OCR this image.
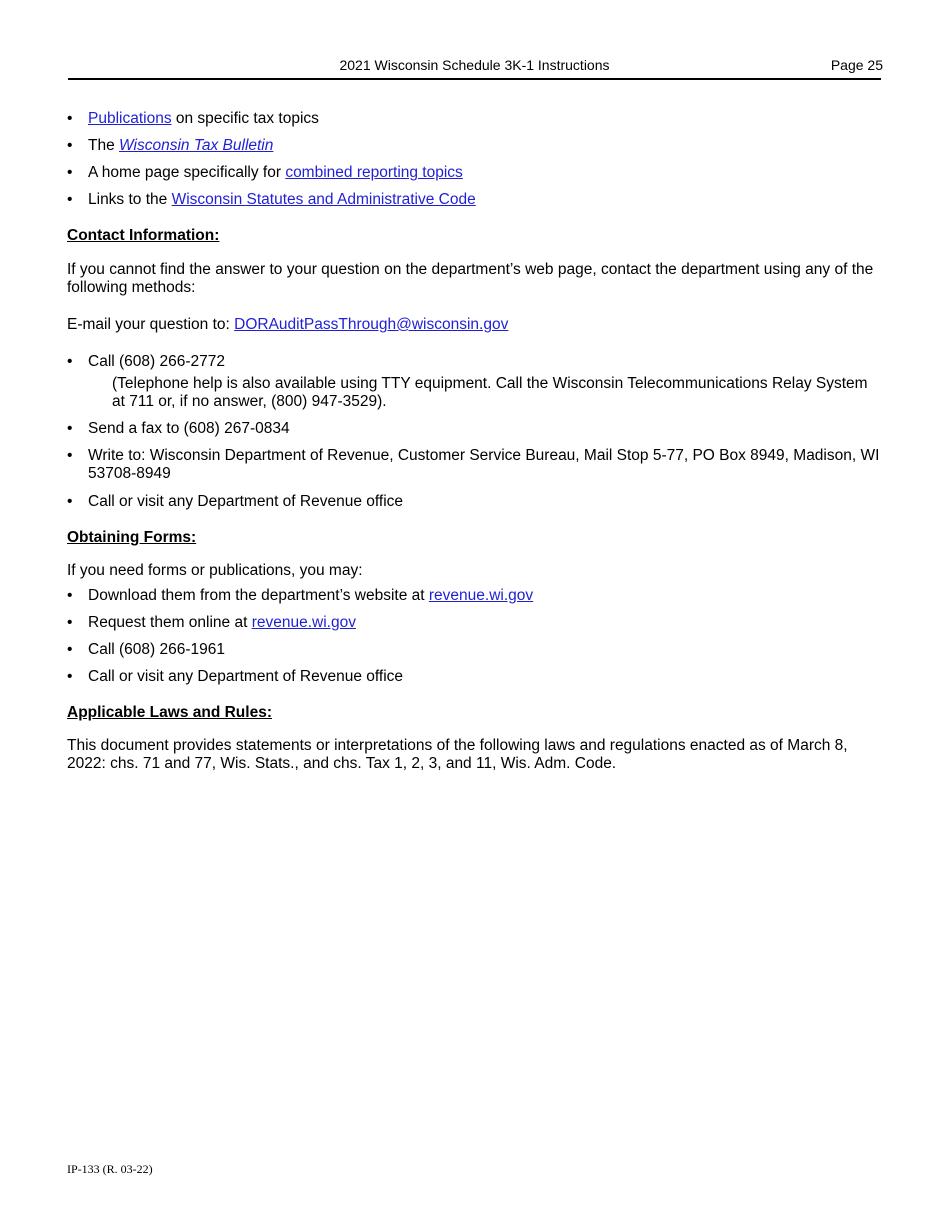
2021 Wisconsin Schedule 3K-1 Instructions	Page 25
• Publications on specific tax topics
• The Wisconsin Tax Bulletin
• A home page specifically for combined reporting topics
• Links to the Wisconsin Statutes and Administrative Code

Contact Information:

If you cannot find the answer to your question on the department’s web page, contact the department using any of the following methods:

E-mail your question to: DORAuditPassThrough@wisconsin.gov

• Call (608) 266-2772
(Telephone help is also available using TTY equipment. Call the Wisconsin Telecommunications Relay System at 711 or, if no answer, (800) 947-3529).
• Send a fax to (608) 267-0834
• Write to: Wisconsin Department of Revenue, Customer Service Bureau, Mail Stop 5-77, PO Box 8949, Madison, WI 53708-8949
• Call or visit any Department of Revenue office

Obtaining Forms:

If you need forms or publications, you may:

• Download them from the department’s website at revenue.wi.gov
• Request them online at revenue.wi.gov
• Call (608) 266-1961
• Call or visit any Department of Revenue office

Applicable Laws and Rules:

This document provides statements or interpretations of the following laws and regulations enacted as of March 8, 2022: chs. 71 and 77, Wis. Stats., and chs. Tax 1, 2, 3, and 11, Wis. Adm. Code.

IP-133 (R. 03-22)
